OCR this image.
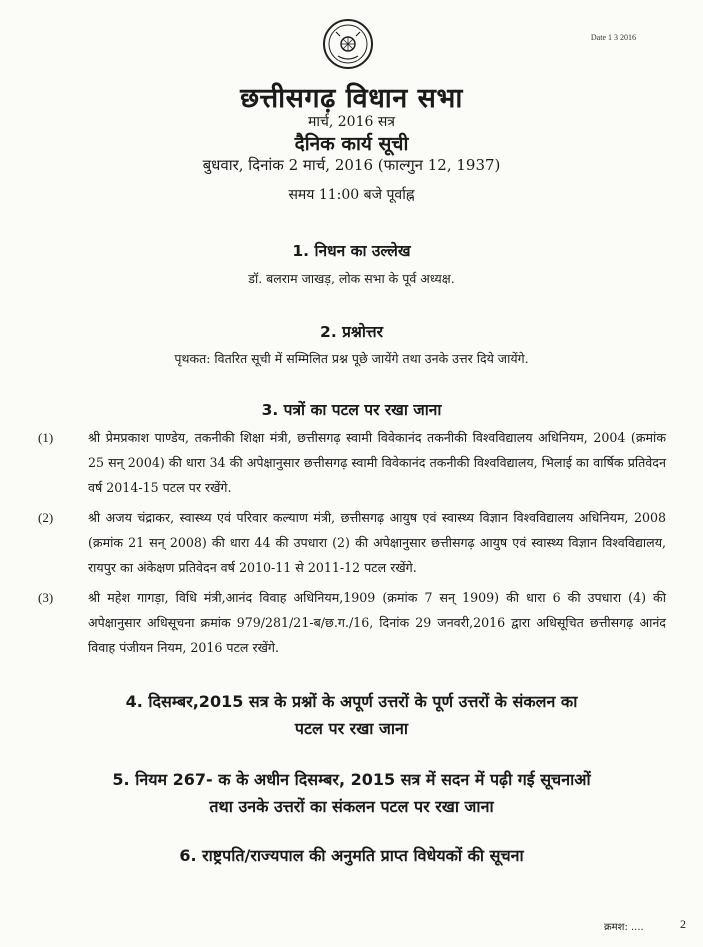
Date 1 3 2016
छत्तीसगढ़ विधान सभा
मार्च, 2016 सत्र
दैनिक कार्य सूची
बुधवार, दिनांक 2 मार्च, 2016 (फाल्गुन 12, 1937)
समय 11:00 बजे पूर्वाह्न
1. निधन का उल्लेख
डॉ. बलराम जाखड़, लोक सभा के पूर्व अध्यक्ष.
2. प्रश्नोत्तर
पृथकत: वितरित सूची में सम्मिलित प्रश्न पूछे जायेंगे तथा उनके उत्तर दिये जायेंगे.
3. पत्रों का पटल पर रखा जाना
(1)	श्री प्रेमप्रकाश पाण्डेय, तकनीकी शिक्षा मंत्री, छत्तीसगढ़ स्वामी विवेकानंद तकनीकी विश्वविद्यालय अधिनियम, 2004 (क्रमांक 25 सन् 2004) की धारा 34 की अपेक्षानुसार छत्तीसगढ़ स्वामी विवेकानंद तकनीकी विश्वविद्यालय, भिलाई का वार्षिक प्रतिवेदन वर्ष 2014-15 पटल पर रखेंगे.
(2)	श्री अजय चंद्राकर, स्वास्थ्य एवं परिवार कल्याण मंत्री, छत्तीसगढ़ आयुष एवं स्वास्थ्य विज्ञान विश्वविद्यालय अधिनियम, 2008 (क्रमांक 21 सन् 2008) की धारा 44 की उपधारा (2) की अपेक्षानुसार छत्तीसगढ़ आयुष एवं स्वास्थ्य विज्ञान विश्वविद्यालय, रायपुर का अंकेक्षण प्रतिवेदन वर्ष 2010-11 से 2011-12 पटल रखेंगे.
(3)	श्री महेश गागड़ा, विधि मंत्री,आनंद विवाह अधिनियम,1909 (क्रमांक 7 सन् 1909) की धारा 6 की उपधारा (4) की अपेक्षानुसार अधिसूचना क्रमांक 979/281/21-ब/छ.ग./16, दिनांक 29 जनवरी,2016 द्वारा अधिसूचित छत्तीसगढ़ आनंद विवाह पंजीयन नियम, 2016 पटल रखेंगे.
4. दिसम्बर,2015 सत्र के प्रश्नों के अपूर्ण उत्तरों के पूर्ण उत्तरों के संकलन का
पटल पर रखा जाना
5. नियम 267- क के अधीन दिसम्बर, 2015 सत्र में सदन में पढ़ी गई सूचनाओं
तथा उनके उत्तरों का संकलन पटल पर रखा जाना
6. राष्ट्रपति/राज्यपाल की अनुमति प्राप्त विधेयकों की सूचना
क्रमश: ....	2
